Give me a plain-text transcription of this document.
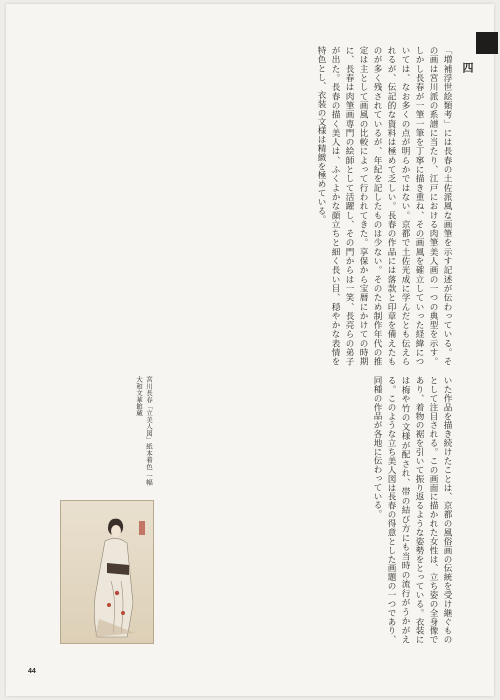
四
「増補浮世絵類考」には長春の土佐派風な画筆を示す記述が伝わっている。その画は宮川派の系譜に当たり、江戸における肉筆美人画の一つの典型を示す。しかし長春が一筆一筆を丁寧に描き重ね、その画風を確立していった経緯については、なお多くの点が明らかではない。京都で土佐光成に学んだとも伝えられるが、伝記的な資料は極めて乏しい。長春の作品には落款と印章を備えたものが多く残されているが、年紀を記したものは少ない。そのため制作年代の推定は主として画風の比較によって行われてきた。享保から宝暦にかけての時期に、長春は肉筆画専門の絵師として活躍し、その門からは一笑、長亮らの弟子が出た。長春の描く美人は、ふくよかな顔立ちと細く長い目、穏やかな表情を特色とし、衣装の文様は精緻を極めている。
いた作品を描き続けたことは、京都の風俗画の伝統を受け継ぐものとして注目される。この画面に描かれた女性は、立ち姿の全身像であり、着物の裾を引いて振り返るような姿勢をとっている。衣装には梅や竹の文様が配され、帯の結び方にも当時の流行がうかがえる。このような立ち美人図は長春の得意とした画題の一つであり、同種の作品が各地に伝わっている。
宮川長春「立美人図」紙本着色 一幅 大和文華館蔵
44
